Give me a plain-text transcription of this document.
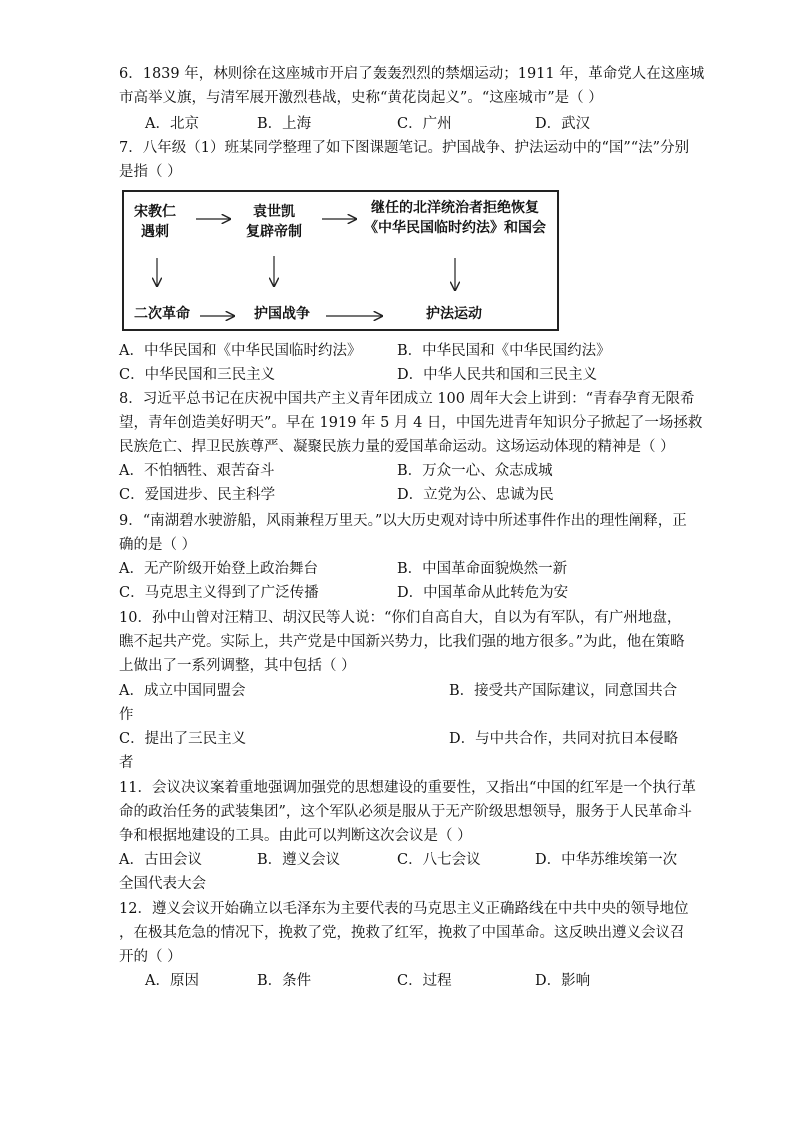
6．1839 年，林则徐在这座城市开启了轰轰烈烈的禁烟运动；1911 年，革命党人在这座城
市高举义旗，与清军展开激烈巷战，史称“黄花岗起义”。“这座城市”是（ ）
A．北京	B．上海	C．广州	D．武汉
7．八年级（1）班某同学整理了如下图课题笔记。护国战争、护法运动中的“国”“法”分别
是指（ ）
宋教仁
遇刺
袁世凯
复辟帝制
继任的北洋统治者拒绝恢复
《中华民国临时约法》和国会
二次革命	护国战争	护法运动
A．中华民国和《中华民国临时约法》 B．中华民国和《中华民国约法》
C．中华民国和三民主义	D．中华人民共和国和三民主义
8．习近平总书记在庆祝中国共产主义青年团成立 100 周年大会上讲到：“青春孕育无限希
望，青年创造美好明天”。早在 1919 年 5 月 4 日，中国先进青年知识分子掀起了一场拯救
民族危亡、捍卫民族尊严、凝聚民族力量的爱国革命运动。这场运动体现的精神是（ ）
A．不怕牺牲、艰苦奋斗	B．万众一心、众志成城
C．爱国进步、民主科学	D．立党为公、忠诚为民
9．“南湖碧水驶游船，风雨兼程万里天。”以大历史观对诗中所述事件作出的理性阐释，正
确的是（ ）
A．无产阶级开始登上政治舞台	B．中国革命面貌焕然一新
C．马克思主义得到了广泛传播	D．中国革命从此转危为安
10．孙中山曾对汪精卫、胡汉民等人说：“你们自高自大，自以为有军队，有广州地盘，
瞧不起共产党。实际上，共产党是中国新兴势力，比我们强的地方很多。”为此，他在策略
上做出了一系列调整，其中包括（ ）
A．成立中国同盟会	B．接受共产国际建议，同意国共合
作
C．提出了三民主义	D．与中共合作，共同对抗日本侵略
者
11．会议决议案着重地强调加强党的思想建设的重要性，又指出“中国的红军是一个执行革
命的政治任务的武装集团”，这个军队必须是服从于无产阶级思想领导，服务于人民革命斗
争和根据地建设的工具。由此可以判断这次会议是（ ）
A．古田会议	B．遵义会议	C．八七会议	D．中华苏维埃第一次
全国代表大会
12．遵义会议开始确立以毛泽东为主要代表的马克思主义正确路线在中共中央的领导地位
，在极其危急的情况下，挽救了党，挽救了红军，挽救了中国革命。这反映出遵义会议召
开的（ ）
A．原因	B．条件	C．过程	D．影响
